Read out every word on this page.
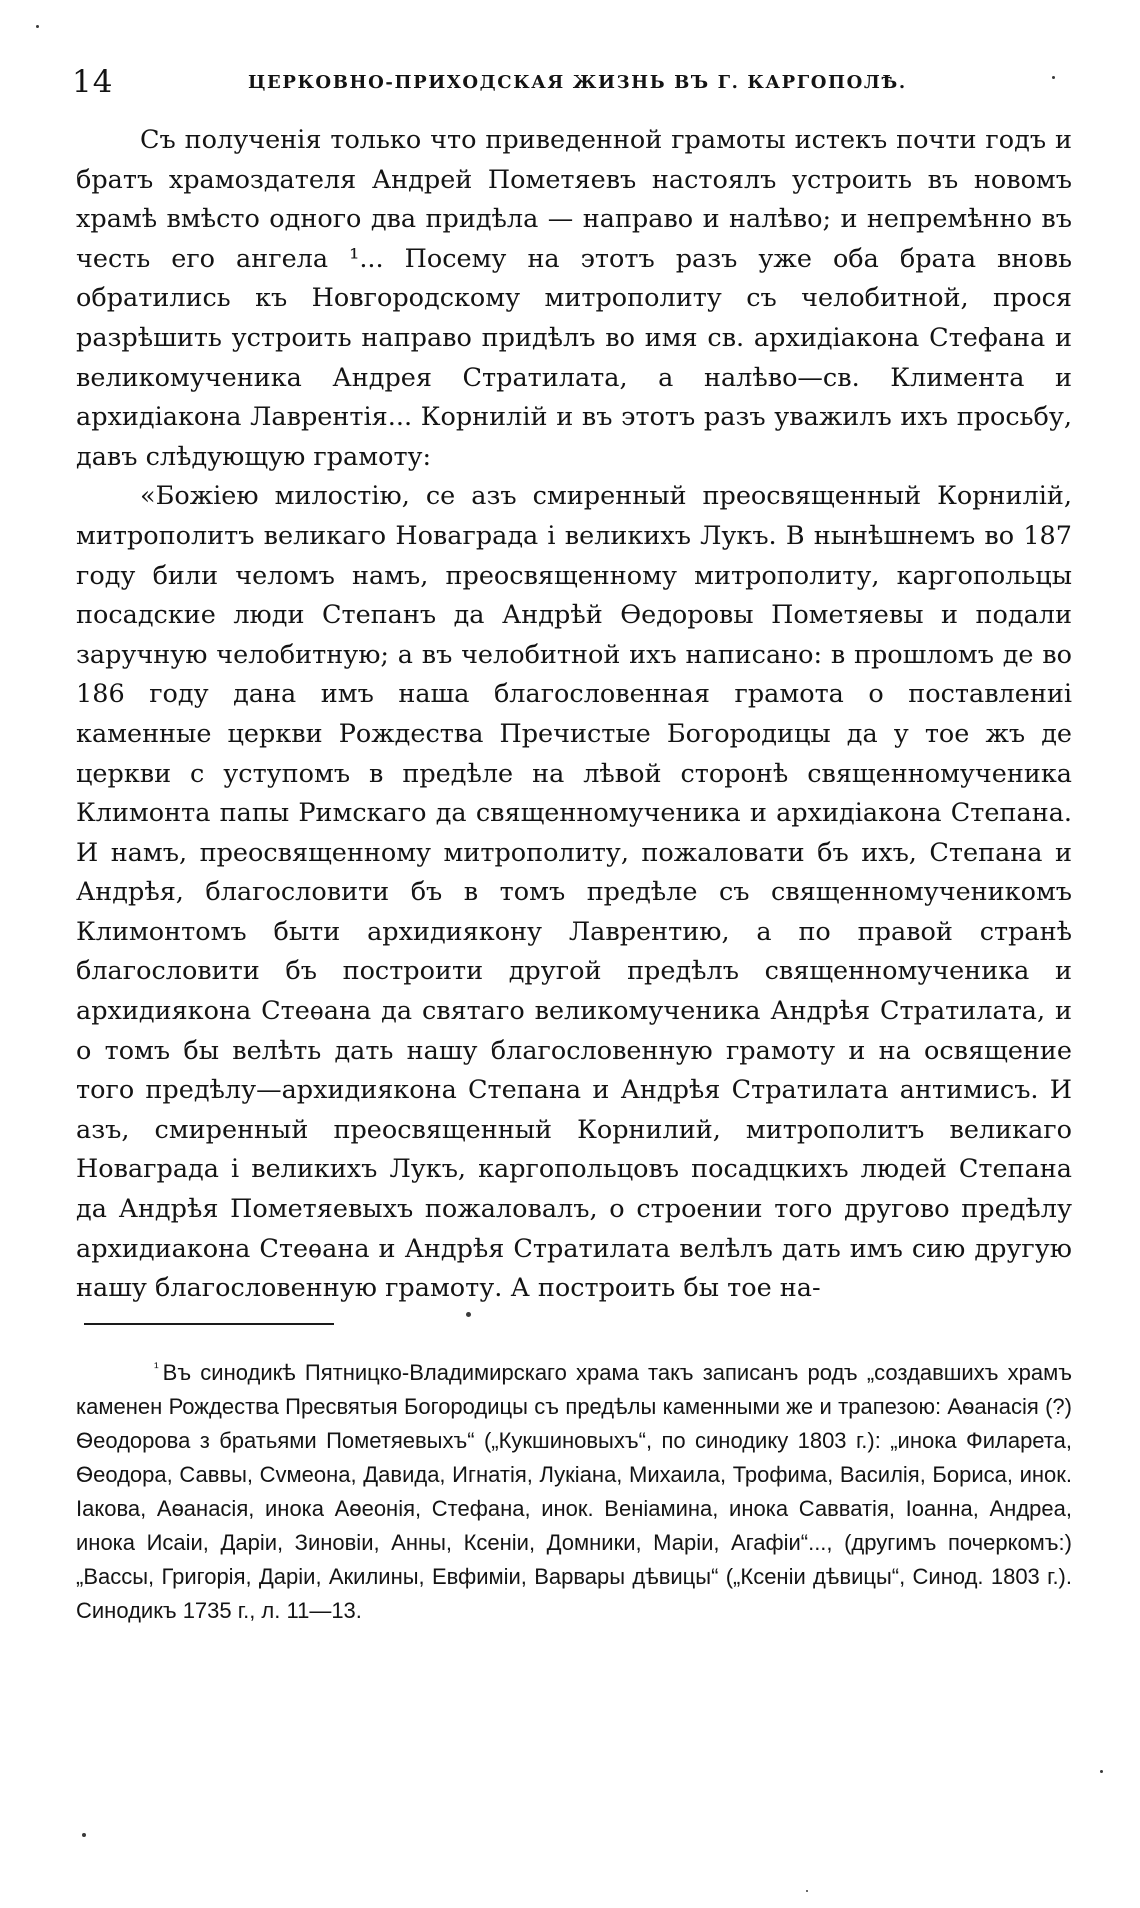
14	ЦЕРКОВНО-ПРИХОДСКАЯ ЖИЗНЬ ВЪ Г. КАРГОПОЛѢ.

Съ полученія только что приведенной грамоты истекъ почти годъ и братъ храмоздателя Андрей Пометяевъ настоялъ устроить въ новомъ храмѣ вмѣсто одного два придѣла — направо и налѣво; и непремѣнно въ честь его ангела ¹... Посему на этотъ разъ уже оба брата вновь обратились къ Новгородскому митрополиту съ челобитной, прося разрѣшить устроить направо придѣлъ во имя св. архидіакона Стефана и великомученика Андрея Стратилата, а налѣво—св. Климента и архидіакона Лаврентія... Корнилій и въ этотъ разъ уважилъ ихъ просьбу, давъ слѣдующую грамоту:

«Божіею милостію, се азъ смиренный преосвященный Корнилій, митрополитъ великаго Новаграда і великихъ Лукъ. В нынѣшнемъ во 187 году били челомъ намъ, преосвященному митрополиту, каргопольцы посадские люди Степанъ да Андрѣй Ѳедоровы Пометяевы и подали заручную челобитную; а въ челобитной ихъ написано: в прошломъ де во 186 году дана имъ наша благословенная грамота о поставлениі каменные церкви Рождества Пречистые Богородицы да у тое жъ де церкви с уступомъ в предѣле на лѣвой сторонѣ священномученика Климонта папы Римскаго да священномученика и архидіакона Степана. И намъ, преосвященному митрополиту, пожаловати бъ ихъ, Степана и Андрѣя, благословити бъ в томъ предѣле съ священномученикомъ Климонтомъ быти архидиякону Лаврентию, а по правой странѣ благословити бъ построити другой предѣлъ священномученика и архидиякона Стеѳана да святаго великомученика Андрѣя Стратилата, и о томъ бы велѣть дать нашу благословенную грамоту и на освящение того предѣлу—архидиякона Степана и Андрѣя Стратилата антимисъ. И азъ, смиренный преосвященный Корнилий, митрополитъ великаго Новаграда і великихъ Лукъ, каргопольцовъ посадцкихъ людей Степана да Андрѣя Пометяевыхъ пожаловалъ, о строении того другово предѣлу архидиакона Стеѳана и Андрѣя Стратилата велѣлъ дать имъ сию другую нашу благословенную грамоту. А построить бы тое на-

$^{^1}$ Въ синодикѣ Пятницко-Владимирскаго храма такъ записанъ родъ „создавшихъ храмъ каменен Рождества Пресвятыя Богородицы съ предѣлы каменными же и трапезою: Аѳанасія (?) Ѳеодорова з братьями Пометяевыхъ“ („Кукшиновыхъ“, по синодику 1803 г.): „инока Филарета, Ѳеодора, Саввы, Сvмеона, Давида, Игнатія, Лукіана, Михаила, Трофима, Василія, Бориса, инок. Іакова, Аѳанасія, инока Аѳеонія, Стефана, инок. Веніамина, инока Савватія, Іоанна, Андреа, инока Исаіи, Даріи, Зиновіи, Анны, Ксеніи, Домники, Маріи, Агафіи“..., (другимъ почеркомъ:) „Вассы, Григорія, Даріи, Акилины, Евфиміи, Варвары дѣвицы“ („Ксеніи дѣвицы“, Синод. 1803 г.). Синодикъ 1735 г., л. 11—13.
